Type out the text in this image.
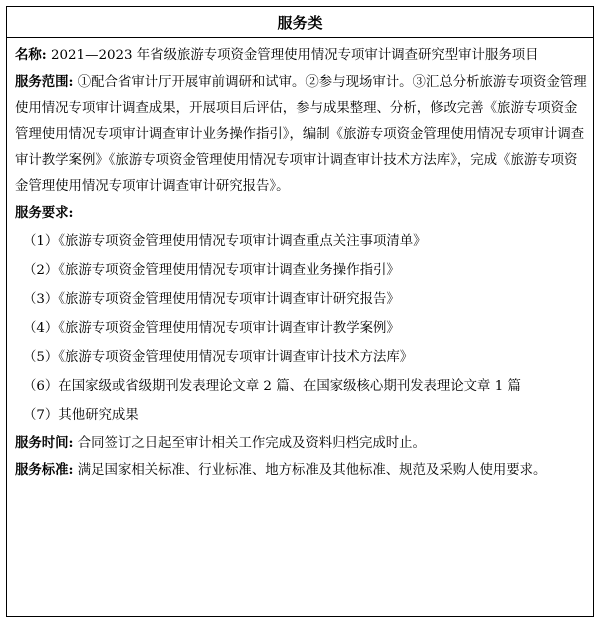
服务类

名称: 2021—2023 年省级旅游专项资金管理使用情况专项审计调查研究型审计服务项目

服务范围: ①配合省审计厅开展审前调研和试审。②参与现场审计。③汇总分析旅游专项资金管理使用情况专项审计调查成果，开展项目后评估，参与成果整理、分析，修改完善《旅游专项资金管理使用情况专项审计调查审计业务操作指引》，编制《旅游专项资金管理使用情况专项审计调查审计教学案例》《旅游专项资金管理使用情况专项审计调查审计技术方法库》，完成《旅游专项资金管理使用情况专项审计调查审计研究报告》。

服务要求:

（1）《旅游专项资金管理使用情况专项审计调查重点关注事项清单》

（2）《旅游专项资金管理使用情况专项审计调查业务操作指引》

（3）《旅游专项资金管理使用情况专项审计调查审计研究报告》

（4）《旅游专项资金管理使用情况专项审计调查审计教学案例》

（5）《旅游专项资金管理使用情况专项审计调查审计技术方法库》

（6）在国家级或省级期刊发表理论文章 2 篇、在国家级核心期刊发表理论文章 1 篇

（7）其他研究成果

服务时间: 合同签订之日起至审计相关工作完成及资料归档完成时止。

服务标准: 满足国家相关标准、行业标准、地方标准及其他标准、规范及采购人使用要求。
